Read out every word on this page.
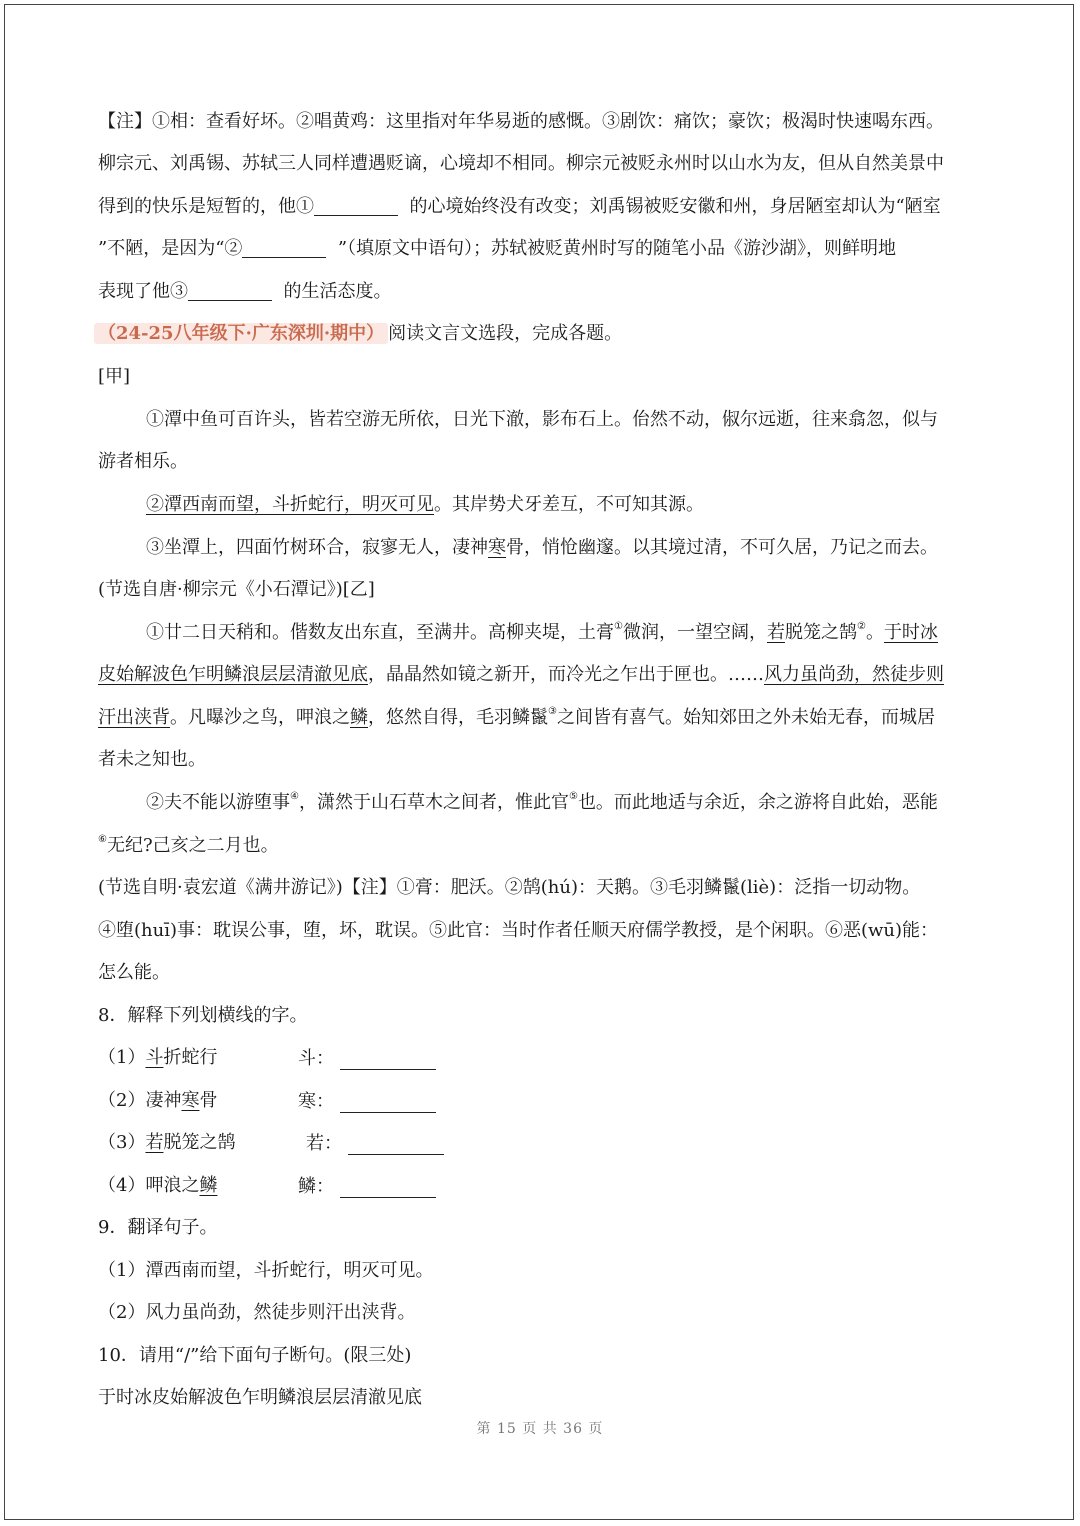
【注】①相：查看好坏。②唱黄鸡：这里指对年华易逝的感慨。③剧饮：痛饮；豪饮；极渴时快速喝东西。
柳宗元、刘禹锡、苏轼三人同样遭遇贬谪，心境却不相同。柳宗元被贬永州时以山水为友，但从自然美景中
得到的快乐是短暂的，他①	的心境始终没有改变；刘禹锡被贬安徽和州，身居陋室却认为“陋室
”不陋，是因为“②	”（填原文中语句）；苏轼被贬黄州时写的随笔小品《游沙湖》，则鲜明地
表现了他③	的生活态度。
（24-25八年级下·广东深圳·期中） 阅读文言文选段，完成各题。
[甲]
①潭中鱼可百许头，皆若空游无所依，日光下澈，影布石上。佁然不动，俶尔远逝，往来翕忽，似与
游者相乐。
②潭西南而望，斗折蛇行，明灭可见。其岸势犬牙差互，不可知其源。
③坐潭上，四面竹树环合，寂寥无人，凄神寒骨，悄怆幽邃。以其境过清，不可久居，乃记之而去。
(节选自唐·柳宗元《小石潭记》)[乙]
①廿二日天稍和。偕数友出东直，至满井。高柳夹堤，土膏①微润，一望空阔，若脱笼之鹄②。于时冰
皮始解波色乍明鳞浪层层清澈见底，晶晶然如镜之新开，而冷光之乍出于匣也。……风力虽尚劲，然徒步则
汗出浃背。凡曝沙之鸟，呷浪之鳞，悠然自得，毛羽鳞鬣③之间皆有喜气。始知郊田之外未始无春，而城居
者未之知也。
②夫不能以游堕事④，潇然于山石草木之间者，惟此官⑤也。而此地适与余近，余之游将自此始，恶能
⑥无纪?己亥之二月也。
(节选自明·袁宏道《满井游记》)【注】①膏：肥沃。②鹄(hú)：天鹅。③毛羽鳞鬣(liè)：泛指一切动物。
④堕(huī)事：耽误公事，堕，坏，耽误。⑤此官：当时作者任顺天府儒学教授，是个闲职。⑥恶(wū)能：
怎么能。
8．解释下列划横线的字。
（1）斗折蛇行	斗：
（2）凄神寒骨	寒：
（3）若脱笼之鹄	若：
（4）呷浪之鳞	鳞：
9．翻译句子。
（1）潭西南而望，斗折蛇行，明灭可见。
（2）风力虽尚劲，然徒步则汗出浃背。
10．请用“/”给下面句子断句。(限三处)
于时冰皮始解波色乍明鳞浪层层清澈见底
第 15 页 共 36 页
